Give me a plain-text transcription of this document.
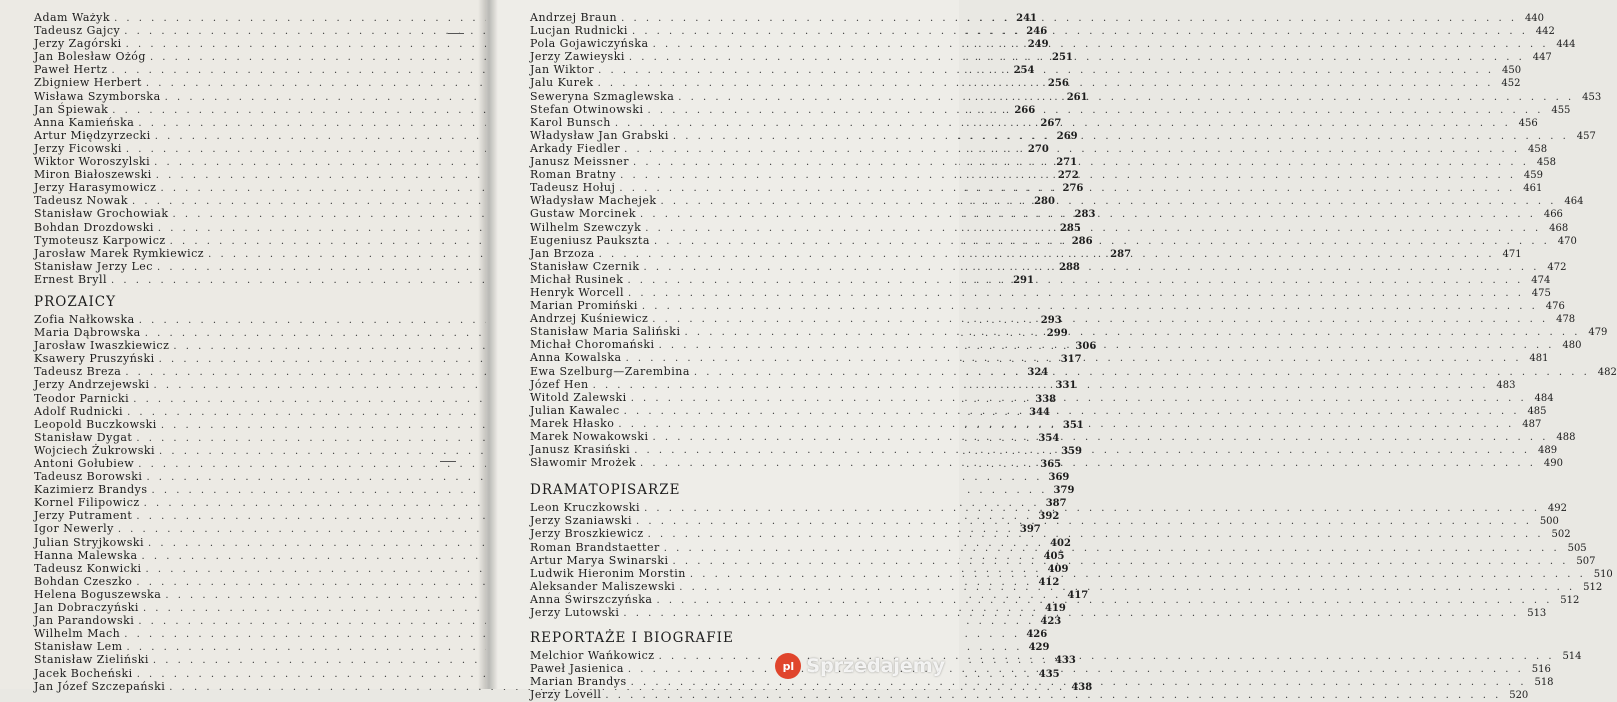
Adam Ważyk . . .	241
Tadeusz Gajcy . . .	246
Jerzy Zagórski . . .	249
Jan Bolesław Ożóg . . .	251
Paweł Hertz . . .	254
Zbigniew Herbert . . .	256
Wisława Szymborska . . .	261
Jan Śpiewak . . .	266
Anna Kamieńska . . .	267
Artur Międzyrzecki . . .	269
Jerzy Ficowski . . .	270
Wiktor Woroszylski . . .	271
Miron Białoszewski . . .	272
Jerzy Harasymowicz . . .	276
Tadeusz Nowak . . .	280
Stanisław Grochowiak . . .	283
Bohdan Drozdowski . . .	285
Tymoteusz Karpowicz . . .	286
Jarosław Marek Rymkiewicz . . .	287
Stanisław Jerzy Lec . . .	288
Ernest Bryll . . .	291
PROZAICY
Zofia Nałkowska . . .	293
Maria Dąbrowska . . .	299
Jarosław Iwaszkiewicz . . .	306
Ksawery Pruszyński . . .	317
Tadeusz Breza . . .	324
Jerzy Andrzejewski . . .	331
Teodor Parnicki . . .	338
Adolf Rudnicki . . .	344
Leopold Buczkowski . . .	351
Stanisław Dygat . . .	354
Wojciech Żukrowski . . .	359
Antoni Gołubiew . . .	365
Tadeusz Borowski . . .	369
Kazimierz Brandys . . .	379
Kornel Filipowicz . . .	387
Jerzy Putrament . . .	392
Igor Newerly . . .	397
Julian Stryjkowski . . .	402
Hanna Malewska . . .	405
Tadeusz Konwicki . . .	409
Bohdan Czeszko . . .	412
Helena Boguszewska . . .	417
Jan Dobraczyński . . .	419
Jan Parandowski . . .	423
Wilhelm Mach . . .	426
Stanisław Lem . . .	429
Stanisław Zieliński . . .	433
Jacek Bocheński . . .	435
Jan Józef Szczepański . . .	438
Andrzej Braun . . .	440
Lucjan Rudnicki . . .	442
Pola Gojawiczyńska . . .	444
Jerzy Zawieyski . . .	447
Jan Wiktor . . .	450
Jalu Kurek . . .	452
Seweryna Szmaglewska . . .	453
Stefan Otwinowski . . .	455
Karol Bunsch . . .	456
Władysław Jan Grabski . . .	457
Arkady Fiedler . . .	458
Janusz Meissner . . .	458
Roman Bratny . . .	459
Tadeusz Hołuj . . .	461
Władysław Machejek . . .	464
Gustaw Morcinek . . .	466
Wilhelm Szewczyk . . .	468
Eugeniusz Paukszta . . .	470
Jan Brzoza . . .	471
Stanisław Czernik . . .	472
Michał Rusinek . . .	474
Henryk Worcell . . .	475
Marian Promiński . . .	476
Andrzej Kuśniewicz . . .	478
Stanisław Maria Saliński . . .	479
Michał Choromański . . .	480
Anna Kowalska . . .	481
Ewa Szelburg—Zarembina . . .	482
Józef Hen . . .	483
Witold Zalewski . . .	484
Julian Kawalec . . .	485
Marek Hłasko . . .	487
Marek Nowakowski . . .	488
Janusz Krasiński . . .	489
Sławomir Mrożek . . .	490
DRAMATOPISARZE
Leon Kruczkowski . . .	492
Jerzy Szaniawski . . .	500
Jerzy Broszkiewicz . . .	502
Roman Brandstaetter . . .	505
Artur Marya Swinarski . . .	507
Ludwik Hieronim Morstin . . .	510
Aleksander Maliszewski . . .	512
Anna Świrszczyńska . . .	512
Jerzy Lutowski . . .	513
REPORTAŻE I BIOGRAFIE
Melchior Wańkowicz . . .	514
Paweł Jasienica . . .	516
Marian Brandys . . .	518
Jerzy Lovell . . .	520
pl Sprzedajemy
